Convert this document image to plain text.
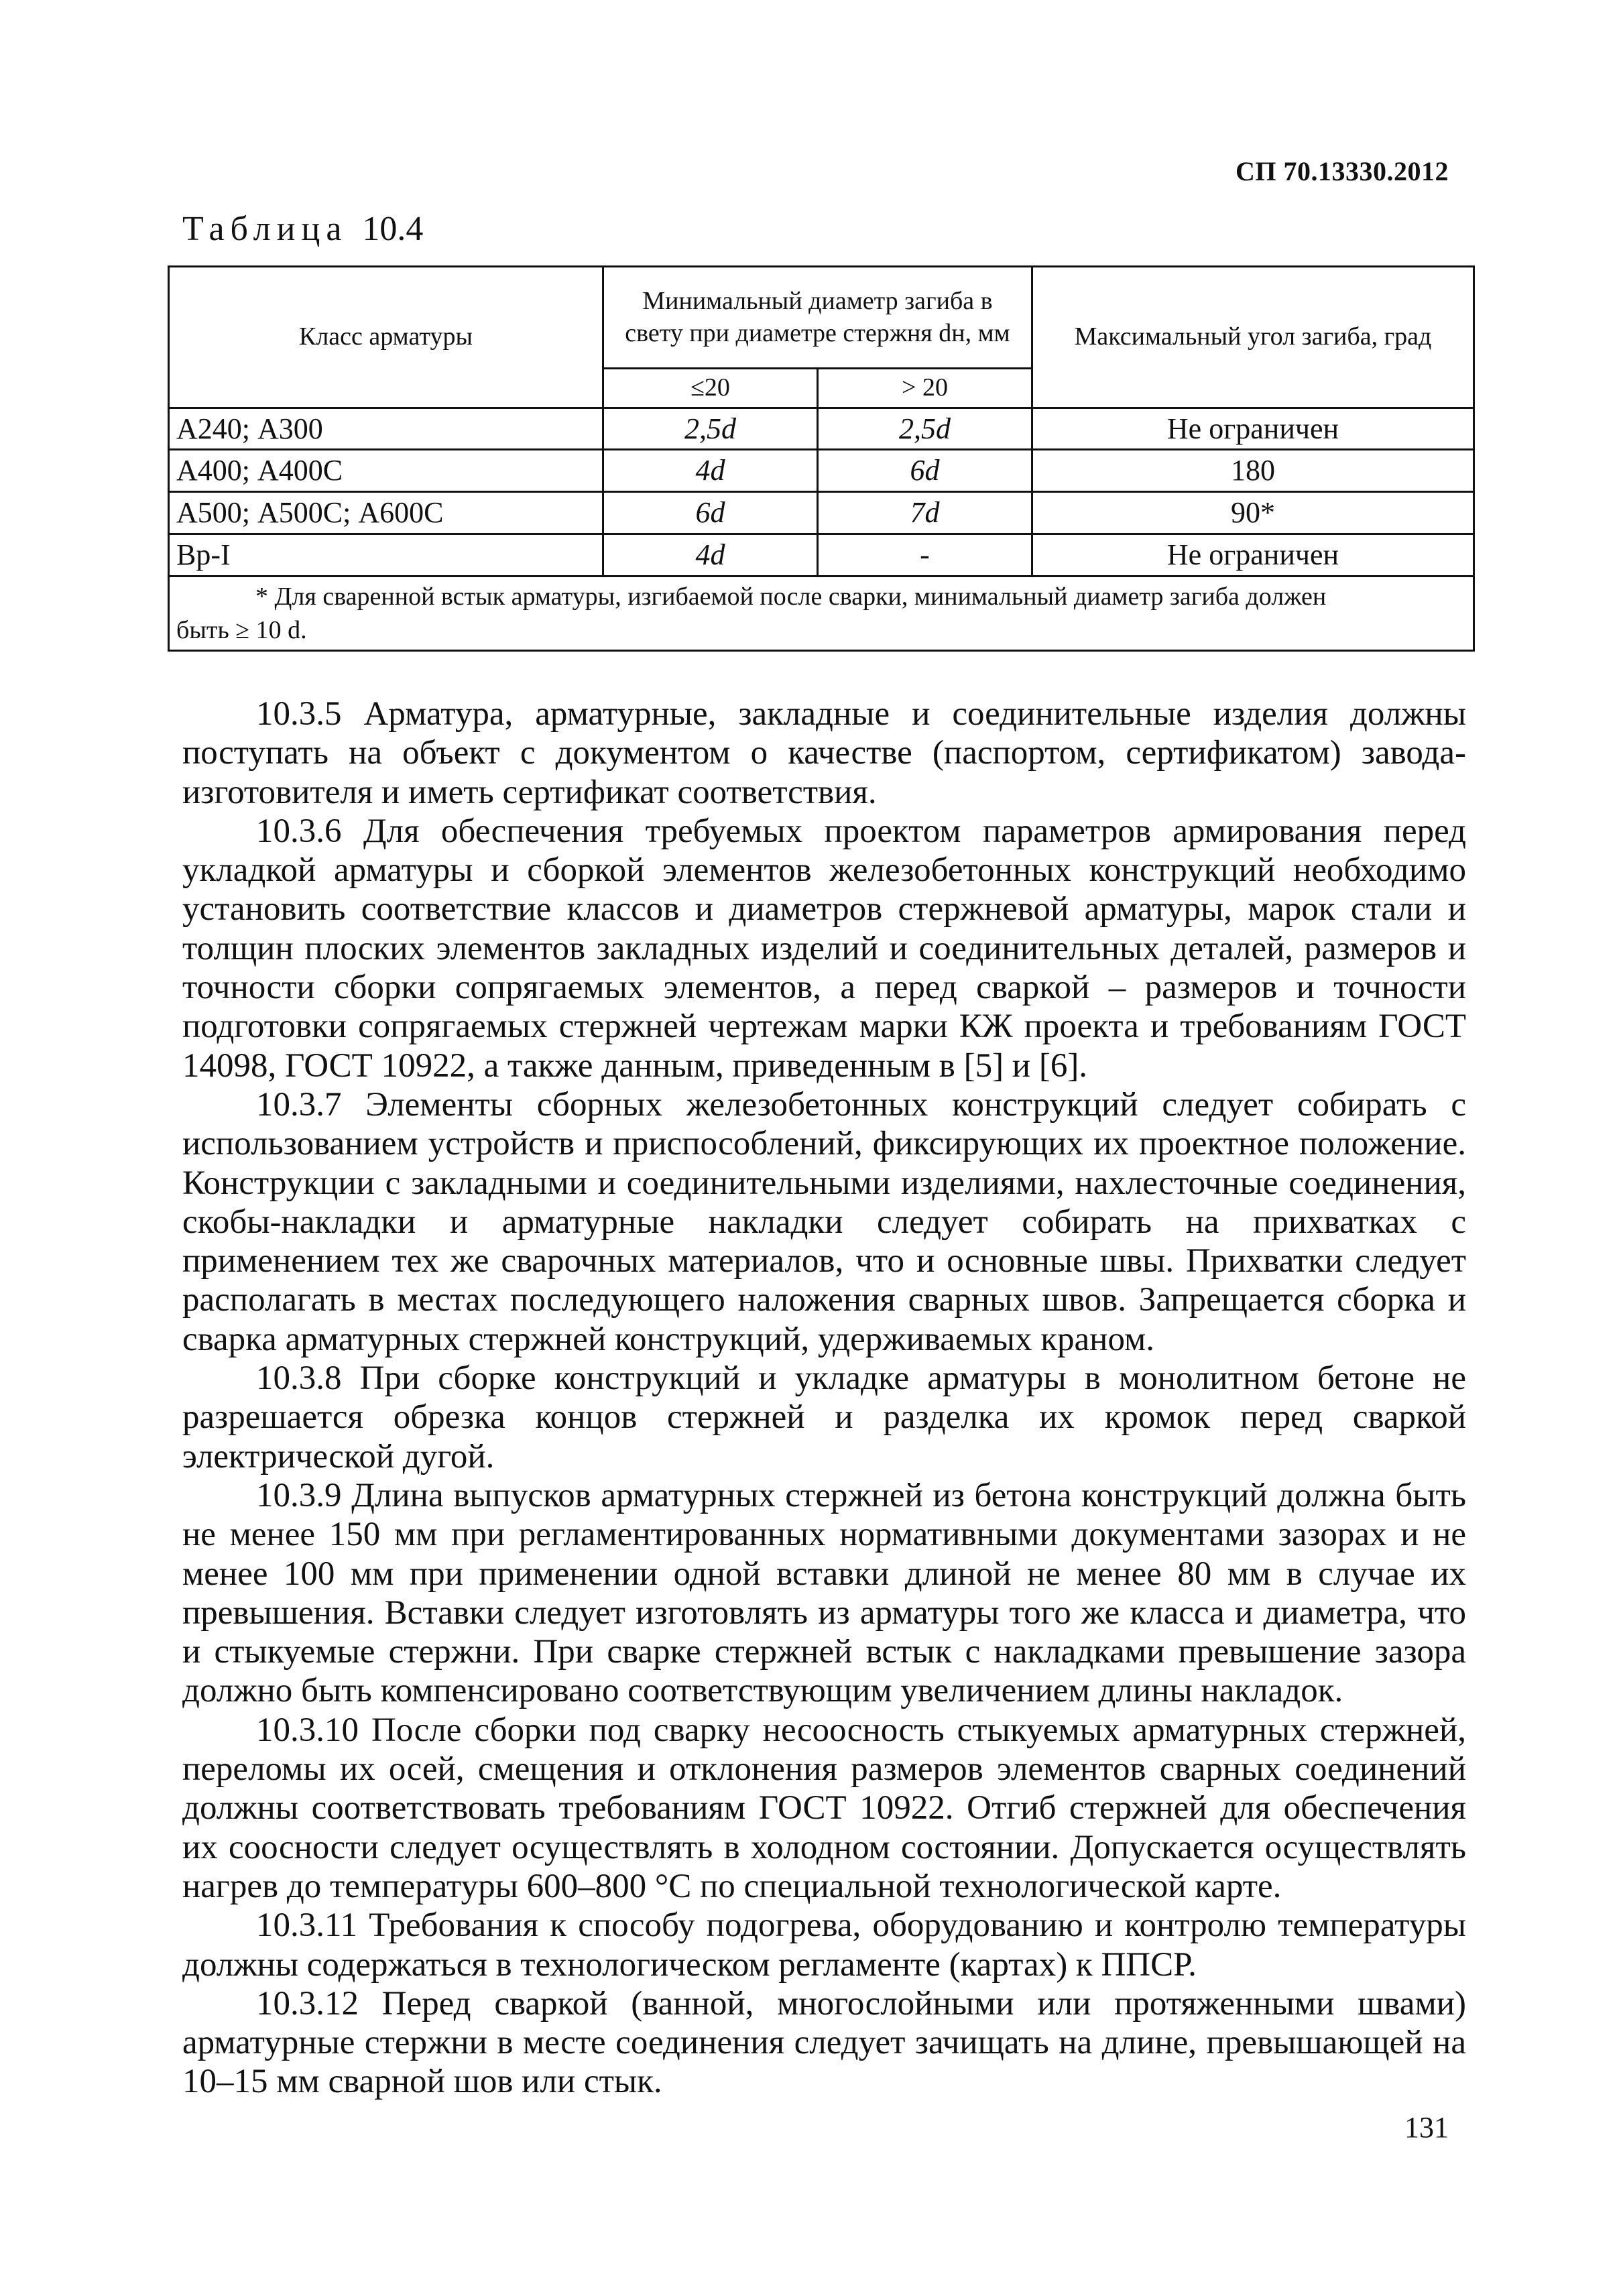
СП 70.13330.2012
Таблица 10.4
Класс арматуры	Минимальный диаметр загиба в свету при диаметре стержня dн, мм		Максимальный угол загиба, град
	≤20	> 20	
А240; А300	2,5d	2,5d	Не ограничен
А400; А400С	4d	6d	180
А500; А500С; А600С	6d	7d	90*
Вр-I	4d	-	Не ограничен

* Для сваренной встык арматуры, изгибаемой после сварки, минимальный диаметр загиба должен
быть ≥ 10 d.			

10.3.5 Арматура, арматурные, закладные и соединительные изделия должны поступать на объект с документом о качестве (паспортом, сертификатом) завода-изготовителя и иметь сертификат соответствия.

10.3.6 Для обеспечения требуемых проектом параметров армирования перед укладкой арматуры и сборкой элементов железобетонных конструкций необходимо установить соответствие классов и диаметров стержневой арматуры, марок стали и толщин плоских элементов закладных изделий и соединительных деталей, размеров и точности сборки сопрягаемых элементов, а перед сваркой – размеров и точности подготовки сопрягаемых стержней чертежам марки КЖ проекта и требованиям ГОСТ 14098, ГОСТ 10922, а также данным, приведенным в [5] и [6].

10.3.7 Элементы сборных железобетонных конструкций следует собирать с использованием устройств и приспособлений, фиксирующих их проектное положение. Конструкции с закладными и соединительными изделиями, нахлесточные соединения, скобы-накладки и арматурные накладки следует собирать на прихватках с применением тех же сварочных материалов, что и основные швы. Прихватки следует располагать в местах последующего наложения сварных швов. Запрещается сборка и сварка арматурных стержней конструкций, удерживаемых краном.

10.3.8 При сборке конструкций и укладке арматуры в монолитном бетоне не разрешается обрезка концов стержней и разделка их кромок перед сваркой электрической дугой.

10.3.9 Длина выпусков арматурных стержней из бетона конструкций должна быть не менее 150 мм при регламентированных нормативными документами зазорах и не менее 100 мм при применении одной вставки длиной не менее 80 мм в случае их превышения. Вставки следует изготовлять из арматуры того же класса и диаметра, что и стыкуемые стержни. При сварке стержней встык с накладками превышение зазора должно быть компенсировано соответствующим увеличением длины накладок.

10.3.10 После сборки под сварку несоосность стыкуемых арматурных стержней, переломы их осей, смещения и отклонения размеров элементов сварных соединений должны соответствовать требованиям ГОСТ 10922. Отгиб стержней для обеспечения их соосности следует осуществлять в холодном состоянии. Допускается осуществлять нагрев до температуры 600–800 °С по специальной технологической карте.

10.3.11 Требования к способу подогрева, оборудованию и контролю температуры должны содержаться в технологическом регламенте (картах) к ППСР.

10.3.12 Перед сваркой (ванной, многослойными или протяженными швами) арматурные стержни в месте соединения следует зачищать на длине, превышающей на 10–15 мм сварной шов или стык.

131
